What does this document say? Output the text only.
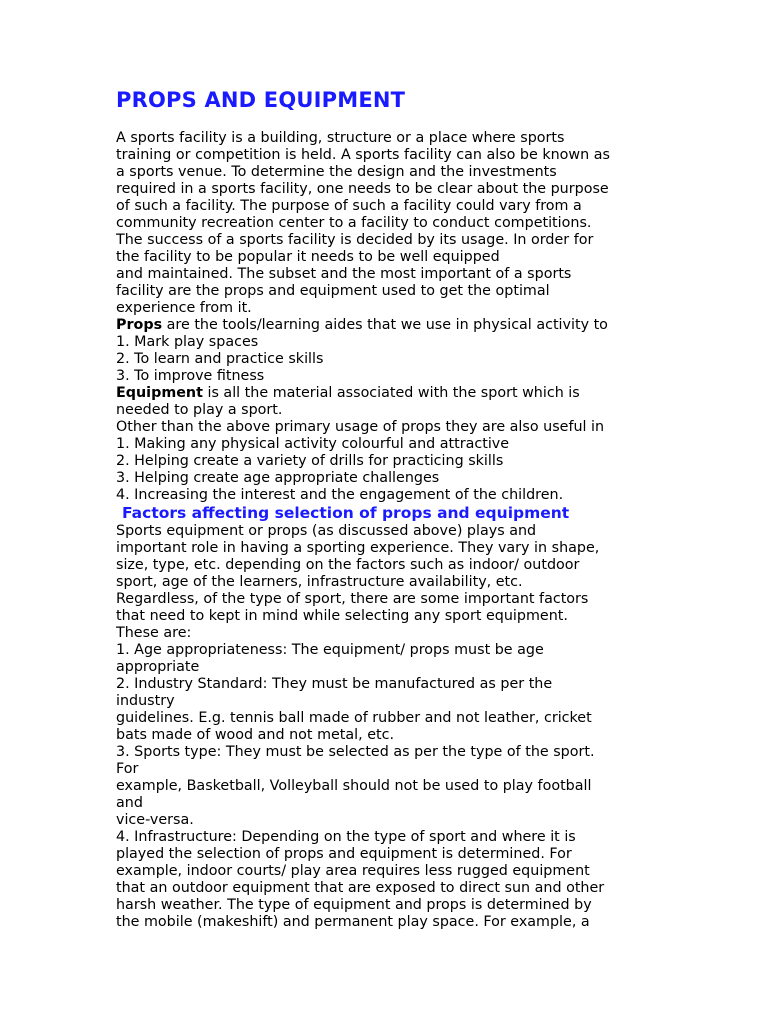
PROPS AND EQUIPMENT
A sports facility is a building, structure or a place where sports
training or competition is held. A sports facility can also be known as
a sports venue. To determine the design and the investments
required in a sports facility, one needs to be clear about the purpose
of such a facility. The purpose of such a facility could vary from a
community recreation center to a facility to conduct competitions.
The success of a sports facility is decided by its usage. In order for
the facility to be popular it needs to be well equipped
and maintained. The subset and the most important of a sports
facility are the props and equipment used to get the optimal
experience from it.
Props are the tools/learning aides that we use in physical activity to
1. Mark play spaces
2. To learn and practice skills
3. To improve fitness
Equipment is all the material associated with the sport which is
needed to play a sport.
Other than the above primary usage of props they are also useful in
1. Making any physical activity colourful and attractive
2. Helping create a variety of drills for practicing skills
3. Helping create age appropriate challenges
4. Increasing the interest and the engagement of the children.
Factors affecting selection of props and equipment
Sports equipment or props (as discussed above) plays and
important role in having a sporting experience. They vary in shape,
size, type, etc. depending on the factors such as indoor/ outdoor
sport, age of the learners, infrastructure availability, etc.
Regardless, of the type of sport, there are some important factors
that need to kept in mind while selecting any sport equipment.
These are:
1. Age appropriateness: The equipment/ props must be age
appropriate
2. Industry Standard: They must be manufactured as per the
industry
guidelines. E.g. tennis ball made of rubber and not leather, cricket
bats made of wood and not metal, etc.
3. Sports type: They must be selected as per the type of the sport.
For
example, Basketball, Volleyball should not be used to play football
and
vice-versa.
4. Infrastructure: Depending on the type of sport and where it is
played the selection of props and equipment is determined. For
example, indoor courts/ play area requires less rugged equipment
that an outdoor equipment that are exposed to direct sun and other
harsh weather. The type of equipment and props is determined by
the mobile (makeshift) and permanent play space. For example, a
